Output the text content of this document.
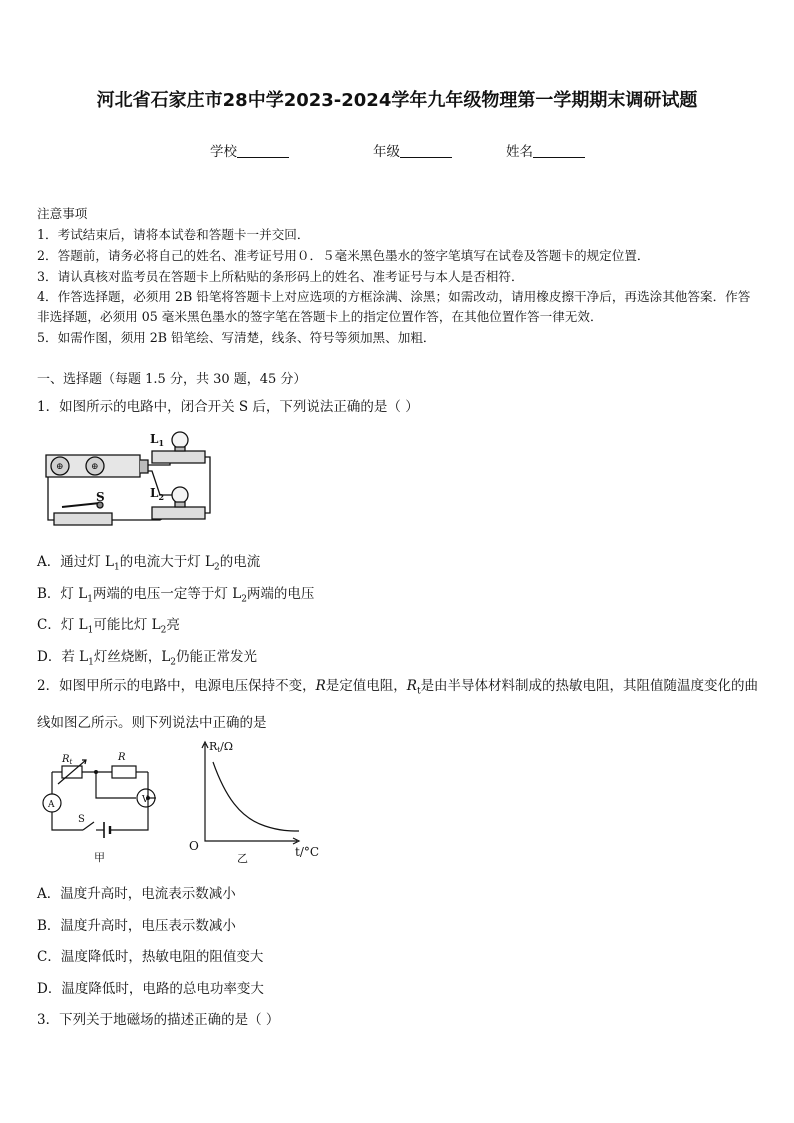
河北省石家庄市28中学2023-2024学年九年级物理第一学期期末调研试题
学校	年级	姓名
注意事项
1．考试结束后，请将本试卷和答题卡一并交回．
2．答题前，请务必将自己的姓名、准考证号用０．５毫米黑色墨水的签字笔填写在试卷及答题卡的规定位置．
3．请认真核对监考员在答题卡上所粘贴的条形码上的姓名、准考证号与本人是否相符．
4．作答选择题，必须用 2B 铅笔将答题卡上对应选项的方框涂满、涂黑；如需改动，请用橡皮擦干净后，再选涂其他答案．作答非选择题，必须用 05 毫米黑色墨水的签字笔在答题卡上的指定位置作答，在其他位置作答一律无效．
5．如需作图，须用 2B 铅笔绘、写清楚，线条、符号等须加黑、加粗．
一、选择题（每题 1.5 分，共 30 题，45 分）
1．如图所示的电路中，闭合开关 S 后，下列说法正确的是（ ）
$L_1$
$L_2$
S
⊕	⊕
A．通过灯 $L_1$的电流大于灯 $L_2$的电流
B．灯 $L_1$两端的电压一定等于灯 $L_2$两端的电压
C．灯 $L_1$可能比灯 $L_2$亮
D．若 $L_1$灯丝烧断，$L_2$仍能正常发光
2．如图甲所示的电路中，电源电压保持不变，R是定值电阻，$R_t$是由半导体材料制成的热敏电阻，其阻值随温度变化的曲线如图乙所示。则下列说法中正确的是
$R_t$	R
A	V
S
甲
Rt/Ω
O	t/°C
乙
A．温度升高时，电流表示数减小
B．温度升高时，电压表示数减小
C．温度降低时，热敏电阻的阻值变大
D．温度降低时，电路的总电功率变大
3．下列关于地磁场的描述正确的是（ ）
